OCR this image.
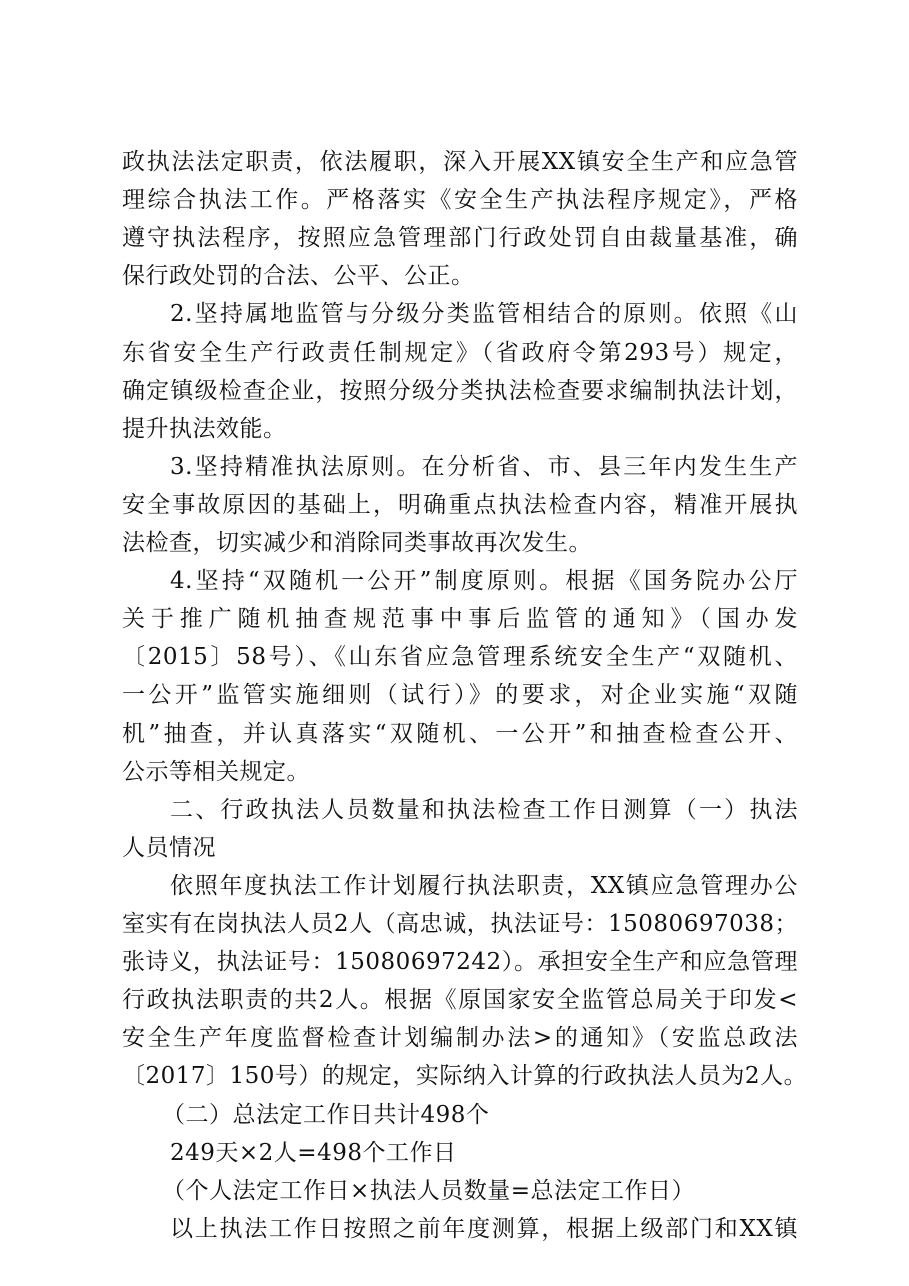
政执法法定职责，依法履职，深入开展XX镇安全生产和应急管
理综合执法工作。严格落实《安全生产执法程序规定》，严格
遵守执法程序，按照应急管理部门行政处罚自由裁量基准，确
保行政处罚的合法、公平、公正。
2.坚持属地监管与分级分类监管相结合的原则。依照《山
东省安全生产行政责任制规定》（省政府令第293号）规定，
确定镇级检查企业，按照分级分类执法检查要求编制执法计划，
提升执法效能。
3.坚持精准执法原则。在分析省、市、县三年内发生生产
安全事故原因的基础上，明确重点执法检查内容，精准开展执
法检查，切实减少和消除同类事故再次发生。
4.坚持“双随机一公开”制度原则。根据《国务院办公厅
关于推广随机抽查规范事中事后监管的通知》（国办发
〔2015〕58号）、《山东省应急管理系统安全生产“双随机、
一公开”监管实施细则（试行）》的要求，对企业实施“双随
机”抽查，并认真落实“双随机、一公开”和抽查检查公开、
公示等相关规定。
二、行政执法人员数量和执法检查工作日测算（一）执法
人员情况
依照年度执法工作计划履行执法职责，XX镇应急管理办公
室实有在岗执法人员2人（高忠诚，执法证号：15080697038；
张诗义，执法证号：15080697242）。承担安全生产和应急管理
行政执法职责的共2人。根据《原国家安全监管总局关于印发<
安全生产年度监督检查计划编制办法>的通知》（安监总政法
〔2017〕150号）的规定，实际纳入计算的行政执法人员为2人。
（二）总法定工作日共计498个
249天×2人=498个工作日
（个人法定工作日×执法人员数量=总法定工作日）
以上执法工作日按照之前年度测算，根据上级部门和XX镇
